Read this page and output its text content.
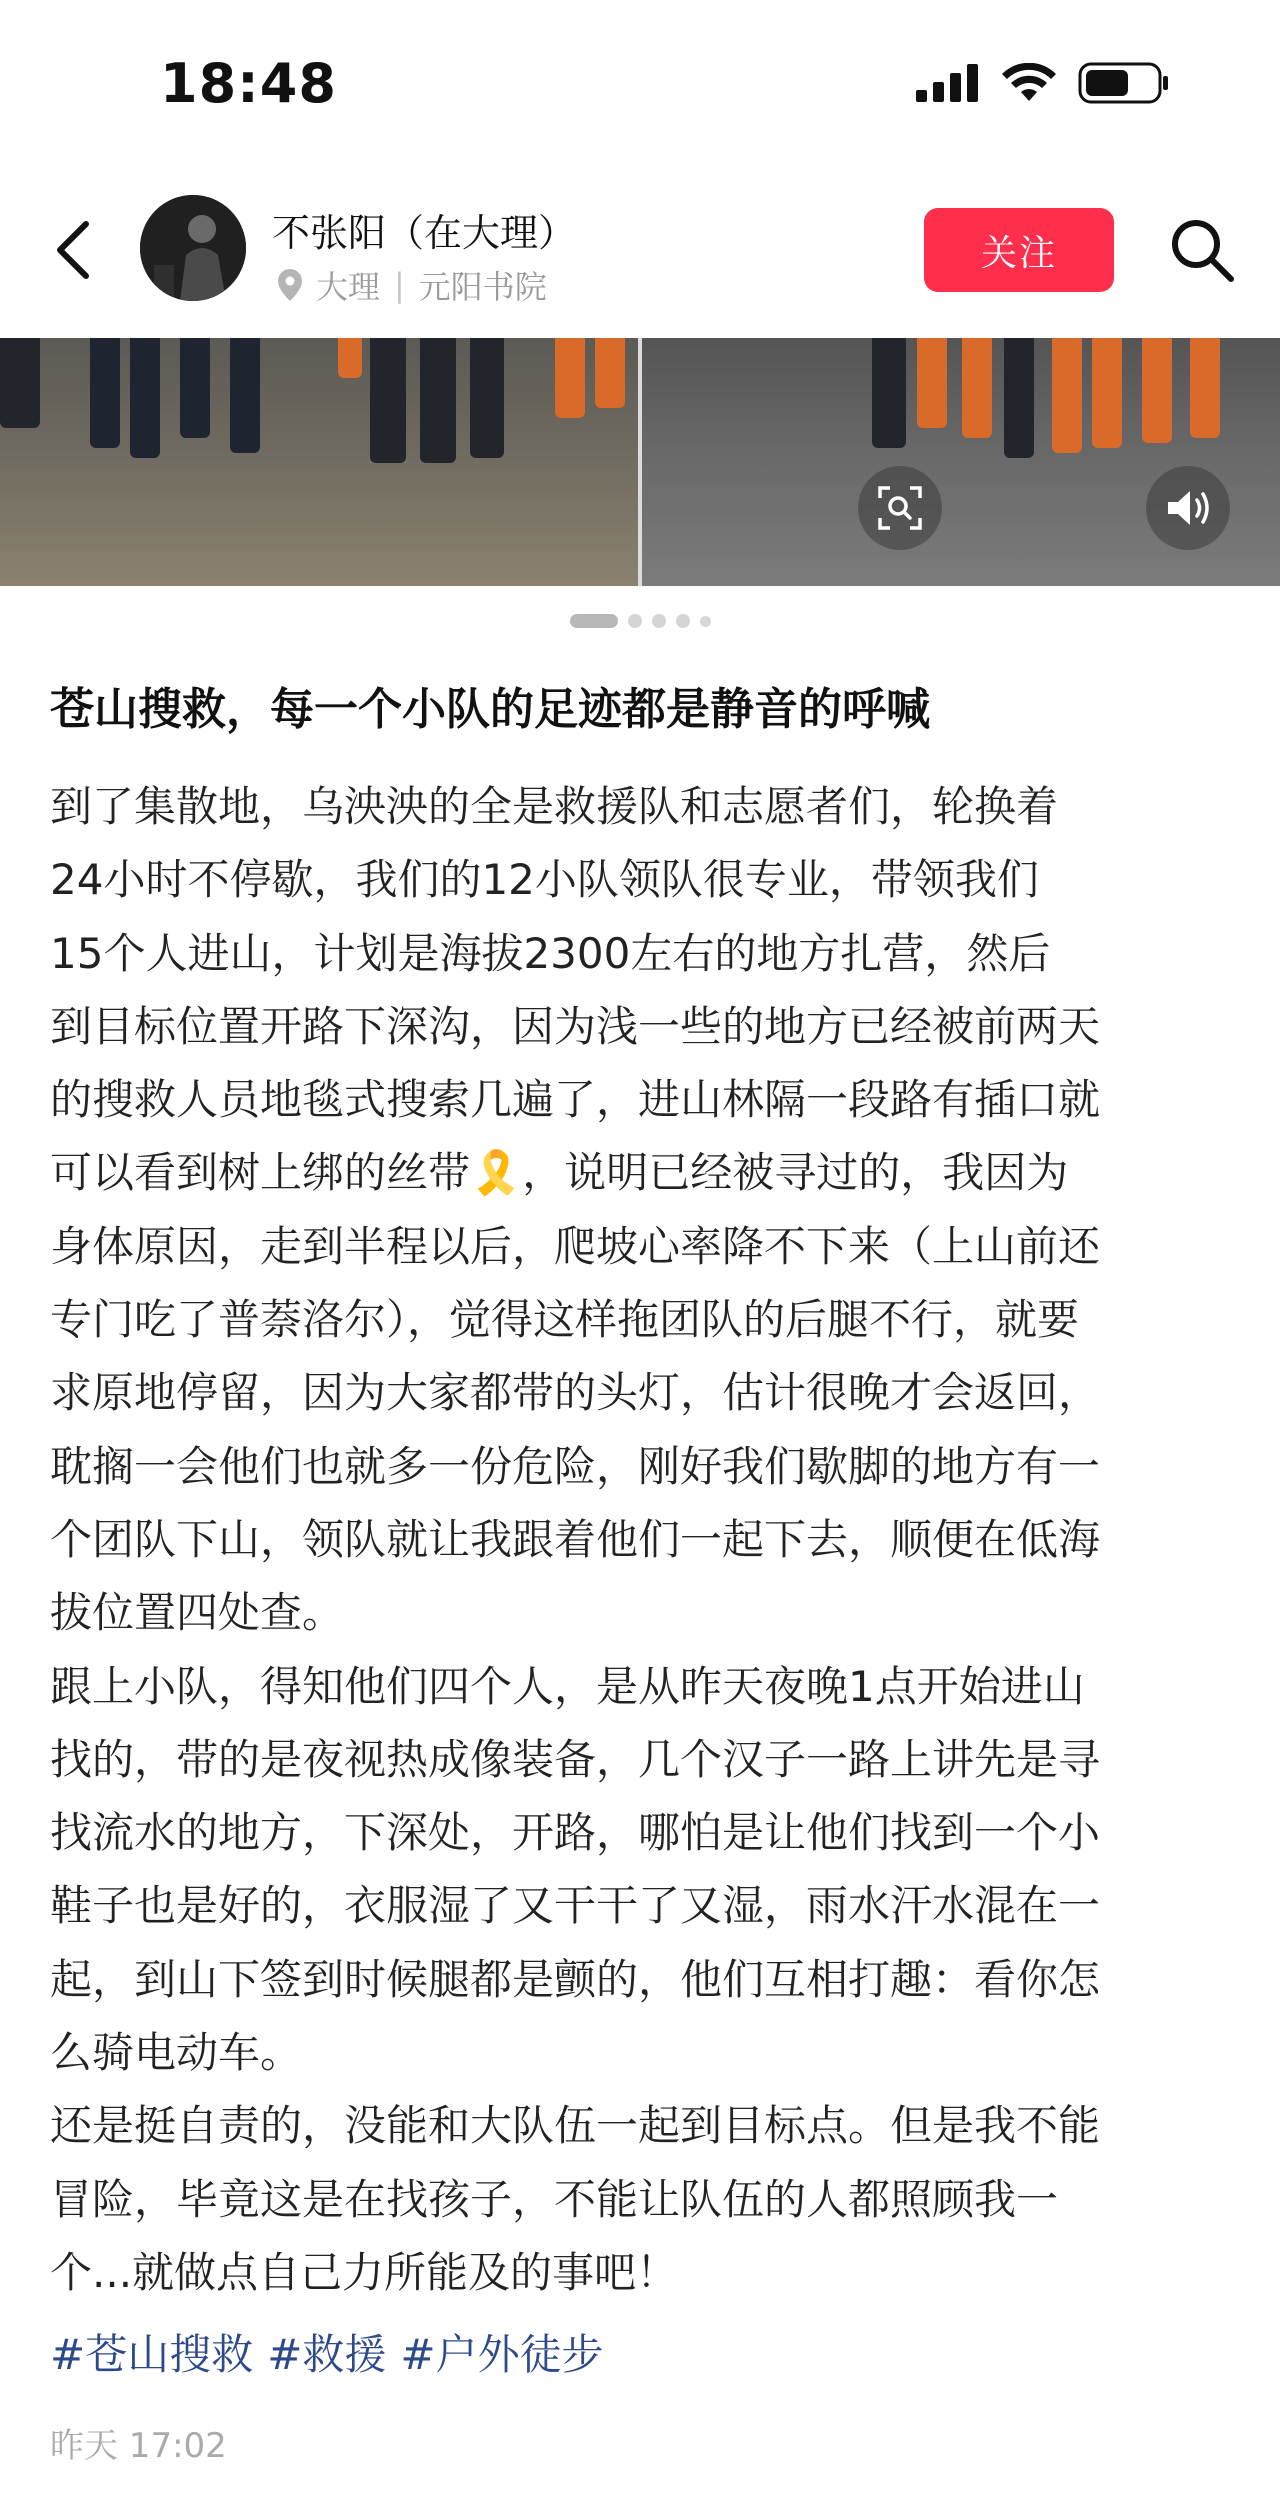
18:48
不张阳（在大理）
大理 | 元阳书院
关注
苍山搜救，每一个小队的足迹都是静音的呼喊
到了集散地，乌泱泱的全是救援队和志愿者们，轮换着
24小时不停歇，我们的12小队领队很专业，带领我们
15个人进山，计划是海拔2300左右的地方扎营，然后
到目标位置开路下深沟，因为浅一些的地方已经被前两天
的搜救人员地毯式搜索几遍了，进山林隔一段路有插口就
可以看到树上绑的丝带🎗️，说明已经被寻过的，我因为
身体原因，走到半程以后，爬坡心率降不下来（上山前还
专门吃了普萘洛尔），觉得这样拖团队的后腿不行，就要
求原地停留，因为大家都带的头灯，估计很晚才会返回，
耽搁一会他们也就多一份危险，刚好我们歇脚的地方有一
个团队下山，领队就让我跟着他们一起下去，顺便在低海
拔位置四处查。
跟上小队，得知他们四个人，是从昨天夜晚1点开始进山
找的，带的是夜视热成像装备，几个汉子一路上讲先是寻
找流水的地方，下深处，开路，哪怕是让他们找到一个小
鞋子也是好的，衣服湿了又干干了又湿，雨水汗水混在一
起，到山下签到时候腿都是颤的，他们互相打趣：看你怎
么骑电动车。
还是挺自责的，没能和大队伍一起到目标点。但是我不能
冒险，毕竟这是在找孩子，不能让队伍的人都照顾我一
个...就做点自己力所能及的事吧！
#苍山搜救 #救援 #户外徒步
昨天 17:02
